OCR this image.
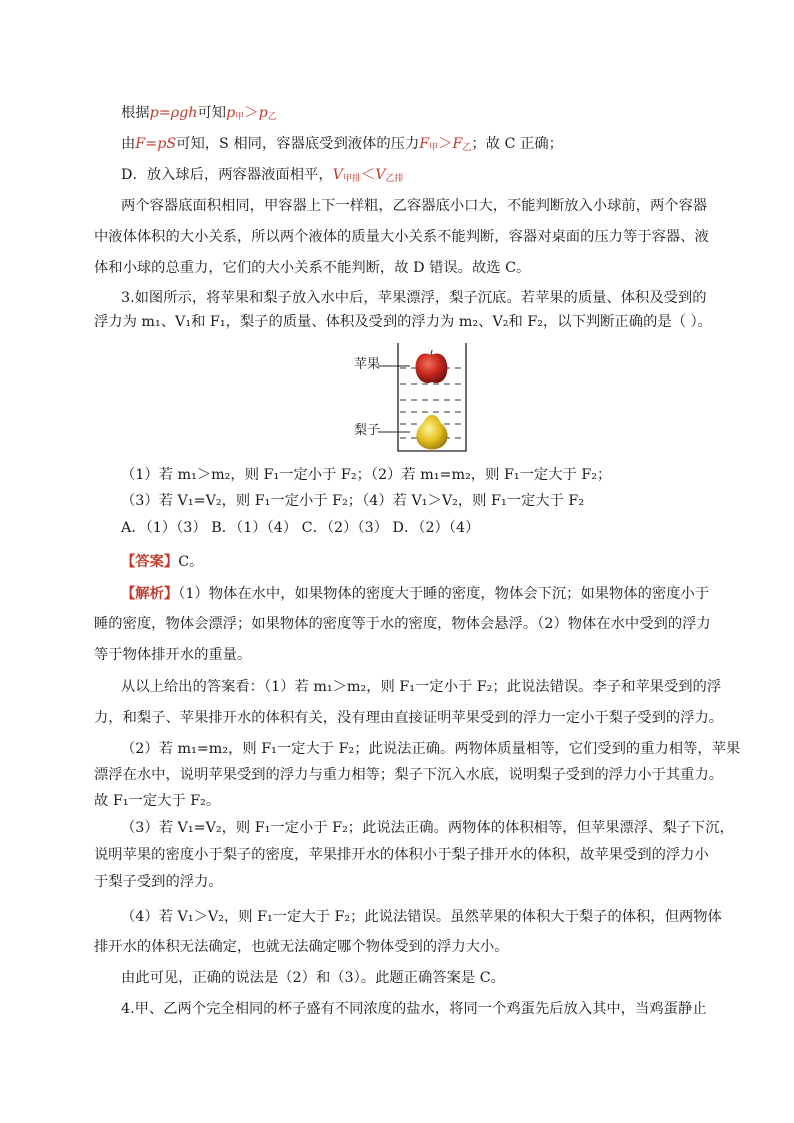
根据p=ρgh可知$p_甲>p_乙$
由F=pS可知，S 相同，容器底受到液体的压力$F_甲>F_乙$；故 C 正确；
D．放入球后，两容器液面相平，$V_{甲排}<V_{乙排}$
两个容器底面积相同，甲容器上下一样粗，乙容器底小口大，不能判断放入小球前，两个容器
中液体体积的大小关系，所以两个液体的质量大小关系不能判断，容器对桌面的压力等于容器、液
体和小球的总重力，它们的大小关系不能判断，故 D 错误。故选 C。
3.如图所示，将苹果和梨子放入水中后，苹果漂浮，梨子沉底。若苹果的质量、体积及受到的
浮力为 m₁、V₁和 F₁，梨子的质量、体积及受到的浮力为 m₂、V₂和 F₂，以下判断正确的是（ ）。
苹果
梨子
（1）若 m₁＞m₂，则 F₁一定小于 F₂；（2）若 m₁=m₂，则 F₁一定大于 F₂；
（3）若 V₁=V₂，则 F₁一定小于 F₂；（4）若 V₁＞V₂，则 F₁一定大于 F₂
A．（1）（3） B．（1）（4） C．（2）（3） D．（2）（4）
【答案】C。
【解析】（1）物体在水中，如果物体的密度大于睡的密度，物体会下沉；如果物体的密度小于
睡的密度，物体会漂浮；如果物体的密度等于水的密度，物体会悬浮。（2）物体在水中受到的浮力
等于物体排开水的重量。
从以上给出的答案看：（1）若 m₁＞m₂，则 F₁一定小于 F₂；此说法错误。李子和苹果受到的浮
力，和梨子、苹果排开水的体积有关，没有理由直接证明苹果受到的浮力一定小于梨子受到的浮力。
（2）若 m₁=m₂，则 F₁一定大于 F₂；此说法正确。两物体质量相等，它们受到的重力相等，苹果
漂浮在水中，说明苹果受到的浮力与重力相等；梨子下沉入水底，说明梨子受到的浮力小于其重力。
故 F₁一定大于 F₂。
（3）若 V₁=V₂，则 F₁一定小于 F₂；此说法正确。两物体的体积相等，但苹果漂浮、梨子下沉，
说明苹果的密度小于梨子的密度，苹果排开水的体积小于梨子排开水的体积，故苹果受到的浮力小
于梨子受到的浮力。
（4）若 V₁＞V₂，则 F₁一定大于 F₂；此说法错误。虽然苹果的体积大于梨子的体积，但两物体
排开水的体积无法确定，也就无法确定哪个物体受到的浮力大小。
由此可见，正确的说法是（2）和（3）。此题正确答案是 C。
4.甲、乙两个完全相同的杯子盛有不同浓度的盐水，将同一个鸡蛋先后放入其中，当鸡蛋静止
